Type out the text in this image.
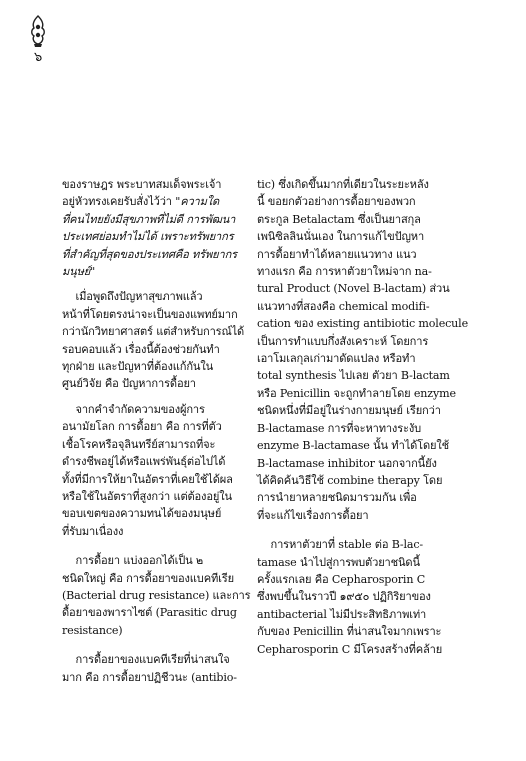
๖

ของราษฎร พระบาทสมเด็จพระเจ้า

อยู่หัวทรงเคยรับสั่งไว้ว่า "ความใด

ที่คนไทยยังมีสุขภาพที่ไม่ดี การพัฒนา

ประเทศย่อมทำไม่ได้ เพราะทรัพยากร

ที่สำคัญที่สุดของประเทศคือ ทรัพยากร

มนุษย์"

เมื่อพูดถึงปัญหาสุขภาพแล้ว

หน้าที่โดยตรงน่าจะเป็นของแพทย์มาก

กว่านักวิทยาศาสตร์ แต่สำหรับการณ์ได้

รอบคอบแล้ว เรื่องนี้ต้องช่วยกันทำ

ทุกฝ่าย และปัญหาที่ต้องแก้กันใน

ศูนย์วิจัย คือ ปัญหาการดื้อยา

จากคำจำกัดความของผู้การ

อนามัยโลก การดื้อยา คือ การที่ตัว

เชื้อโรคหรือจุลินทรีย์สามารถที่จะ

ดำรงชีพอยู่ได้หรือแพร่พันธุ์ต่อไปได้

ทั้งที่มีการให้ยาในอัตราที่เคยใช้ได้ผล

หรือใช้ในอัตราที่สูงกว่า แต่ต้องอยู่ใน

ขอบเขตของความทนได้ของมนุษย์

ที่รับมาเนื่องง

การดื้อยา แบ่งออกได้เป็น ๒

ชนิดใหญ่ คือ การดื้อยาของแบคทีเรีย

(Bacterial drug resistance) และการ

ดื้อยาของพาราไซต์ (Parasitic drug

resistance)

การดื้อยาของแบคทีเรียที่น่าสนใจ

มาก คือ การดื้อยาปฏิชีวนะ (antibio-

tic) ซึ่งเกิดขึ้นมากที่เดียวในระยะหลัง

นี้ ขอยกตัวอย่างการดื้อยาของพวก

ตระกูล Betalactam ซึ่งเป็นยาสกุล

เพนิซิลลินนั่นเอง ในการแก้ไขปัญหา

การดื้อยาทำได้หลายแนวทาง แนว

ทางแรก คือ การหาตัวยาใหม่จาก na-

tural Product (Novel B-lactam) ส่วน

แนวทางที่สองคือ chemical modifi-

cation ของ existing antibiotic molecule

เป็นการทำแบบกึ่งสังเคราะห์ โดยการ

เอาโมเลกุลเก่ามาดัดแปลง หรือทำ

total synthesis ไปเลย ตัวยา B-lactam

หรือ Penicillin จะถูกทำลายโดย enzyme

ชนิดหนึ่งที่มีอยู่ในร่างกายมนุษย์ เรียกว่า

B-lactamase การที่จะหาทางระงับ

enzyme B-lactamase นั้น ทำได้โดยใช้

B-lactamase inhibitor นอกจากนี้ยัง

ได้คิดค้นวิธีใช้ combine therapy โดย

การนำยาหลายชนิดมารวมกัน เพื่อ

ที่จะแก้ไขเรื่องการดื้อยา

การหาตัวยาที่ stable ต่อ B-lac-

tamase นำไปสู่การพบตัวยาชนิดนี้

ครั้งแรกเลย คือ Cepharosporin C

ซึ่งพบขึ้นในราวปี ๑๙๕๐ ปฏิกิริยาของ

antibacterial ไม่มีประสิทธิภาพเท่า

กับของ Penicillin ที่น่าสนใจมากเพราะ

Cepharosporin C มีโครงสร้างที่คล้าย
